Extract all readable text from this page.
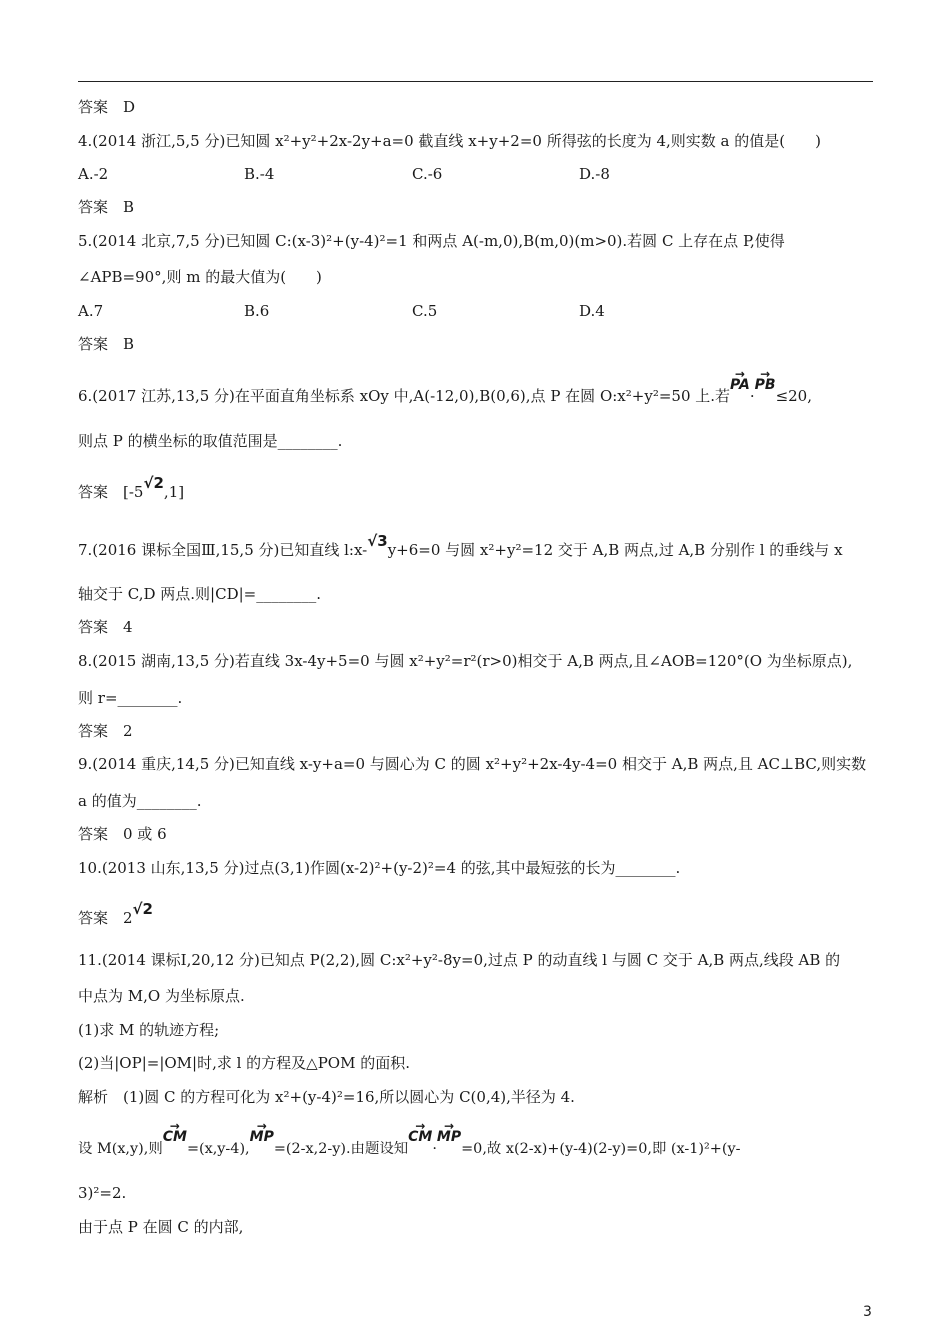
答案　D
4.(2014 浙江,5,5 分)已知圆 x²+y²+2x-2y+a=0 截直线 x+y+2=0 所得弦的长度为 4,则实数 a 的值是(　　)
A.-2	B.-4	C.-6	D.-8
答案　B
5.(2014 北京,7,5 分)已知圆 C:(x-3)²+(y-4)²=1 和两点 A(-m,0),B(m,0)(m>0).若圆 C 上存在点 P,使得
∠APB=90°,则 m 的最大值为(　　)
A.7	B.6	C.5	D.4
答案　B
6.(2017 江苏,13,5 分)在平面直角坐标系 xOy 中,A(-12,0),B(0,6),点 P 在圆 O:x²+y²=50 上.若→ PA·→ PB≤20,
则点 P 的横坐标的取值范围是________.
答案　[-5√2,1]
7.(2016 课标全国Ⅲ,15,5 分)已知直线 l:x-√3y+6=0 与圆 x²+y²=12 交于 A,B 两点,过 A,B 分别作 l 的垂线与 x
轴交于 C,D 两点.则|CD|=________.
答案　4
8.(2015 湖南,13,5 分)若直线 3x-4y+5=0 与圆 x²+y²=r²(r>0)相交于 A,B 两点,且∠AOB=120°(O 为坐标原点),
则 r=________.
答案　2
9.(2014 重庆,14,5 分)已知直线 x-y+a=0 与圆心为 C 的圆 x²+y²+2x-4y-4=0 相交于 A,B 两点,且 AC⊥BC,则实数
a 的值为________.
答案　0 或 6
10.(2013 山东,13,5 分)过点(3,1)作圆(x-2)²+(y-2)²=4 的弦,其中最短弦的长为________.
答案　2√2
11.(2014 课标Ⅰ,20,12 分)已知点 P(2,2),圆 C:x²+y²-8y=0,过点 P 的动直线 l 与圆 C 交于 A,B 两点,线段 AB 的
中点为 M,O 为坐标原点.
(1)求 M 的轨迹方程;
(2)当|OP|=|OM|时,求 l 的方程及△POM 的面积.
解析　(1)圆 C 的方程可化为 x²+(y-4)²=16,所以圆心为 C(0,4),半径为 4.
设 M(x,y),则→ CM=(x,y-4),→ MP=(2-x,2-y).由题设知→ CM·→ MP=0,故 x(2-x)+(y-4)(2-y)=0,即 (x-1)²+(y-
3)²=2.
由于点 P 在圆 C 的内部,
3
